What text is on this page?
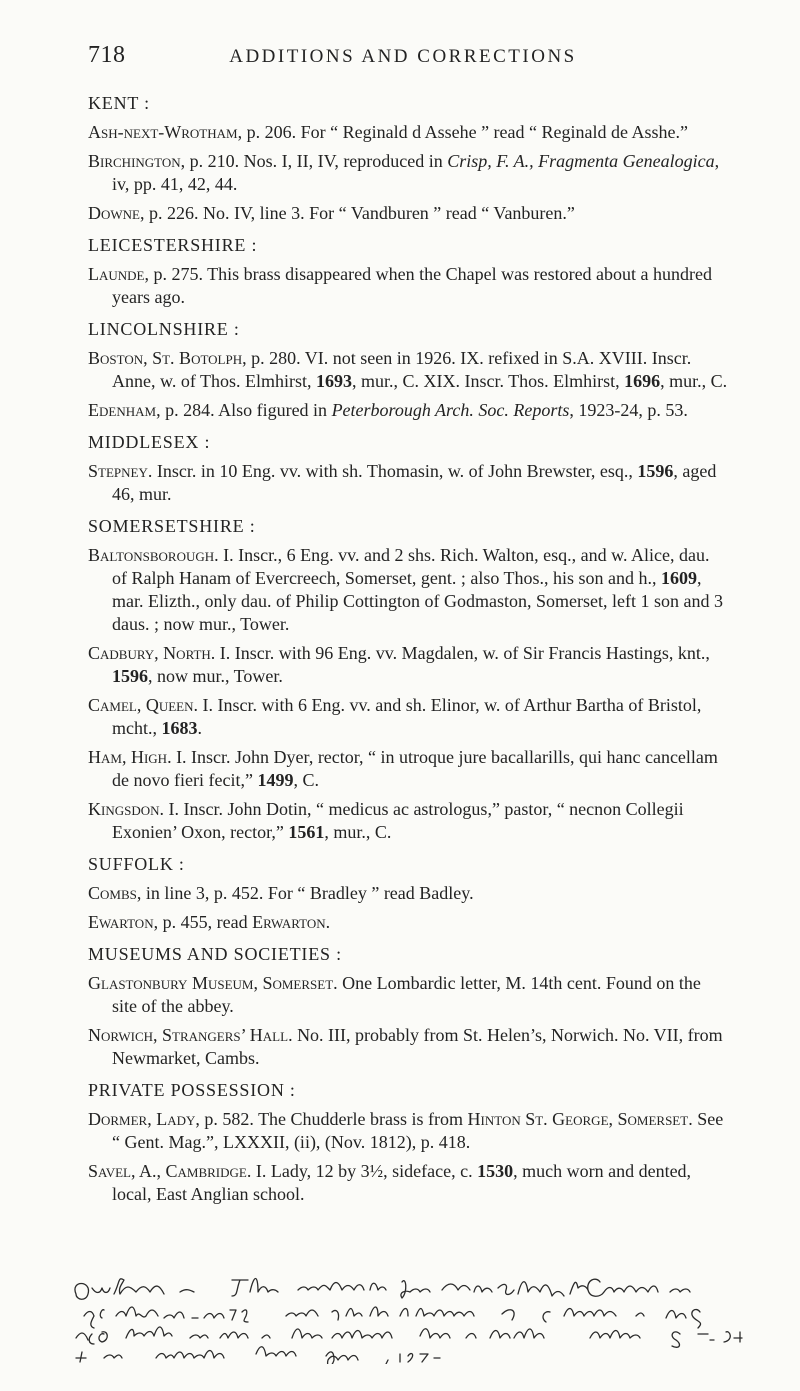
718	ADDITIONS AND CORRECTIONS
KENT :
Ash-next-Wrotham, p. 206. For “ Reginald d Assehe ” read “ Reginald de Asshe.”
Birchington, p. 210. Nos. I, II, IV, reproduced in Crisp, F. A., Fragmenta Genealogica, iv, pp. 41, 42, 44.
Downe, p. 226. No. IV, line 3. For “ Vandburen ” read “ Vanburen.”
LEICESTERSHIRE :
Launde, p. 275. This brass disappeared when the Chapel was restored about a hundred years ago.
LINCOLNSHIRE :
Boston, St. Botolph, p. 280. VI. not seen in 1926. IX. refixed in S.A. XVIII. Inscr. Anne, w. of Thos. Elmhirst, 1693, mur., C. XIX. Inscr. Thos. Elmhirst, 1696, mur., C.
Edenham, p. 284. Also figured in Peterborough Arch. Soc. Reports, 1923-24, p. 53.
MIDDLESEX :
Stepney. Inscr. in 10 Eng. vv. with sh. Thomasin, w. of John Brewster, esq., 1596, aged 46, mur.
SOMERSETSHIRE :
Baltonsborough. I. Inscr., 6 Eng. vv. and 2 shs. Rich. Walton, esq., and w. Alice, dau. of Ralph Hanam of Evercreech, Somerset, gent. ; also Thos., his son and h., 1609, mar. Elizth., only dau. of Philip Cottington of Godmaston, Somerset, left 1 son and 3 daus. ; now mur., Tower.
Cadbury, North. I. Inscr. with 96 Eng. vv. Magdalen, w. of Sir Francis Hastings, knt., 1596, now mur., Tower.
Camel, Queen. I. Inscr. with 6 Eng. vv. and sh. Elinor, w. of Arthur Bartha of Bristol, mcht., 1683.
Ham, High. I. Inscr. John Dyer, rector, “ in utroque jure bacallarills, qui hanc cancellam de novo fieri fecit,” 1499, C.
Kingsdon. I. Inscr. John Dotin, “ medicus ac astrologus,” pastor, “ necnon Collegii Exonien’ Oxon, rector,” 1561, mur., C.
SUFFOLK :
Combs, in line 3, p. 452. For “ Bradley ” read Badley.
Ewarton, p. 455, read Erwarton.
MUSEUMS AND SOCIETIES :
Glastonbury Museum, Somerset. One Lombardic letter, M. 14th cent. Found on the site of the abbey.
Norwich, Strangers’ Hall. No. III, probably from St. Helen’s, Norwich. No. VII, from Newmarket, Cambs.
PRIVATE POSSESSION :
Dormer, Lady, p. 582. The Chudderle brass is from Hinton St. George, Somerset. See “ Gent. Mag.”, LXXXII, (ii), (Nov. 1812), p. 418.
Savel, A., Cambridge. I. Lady, 12 by 3½, sideface, c. 1530, much worn and dented, local, East Anglian school.
